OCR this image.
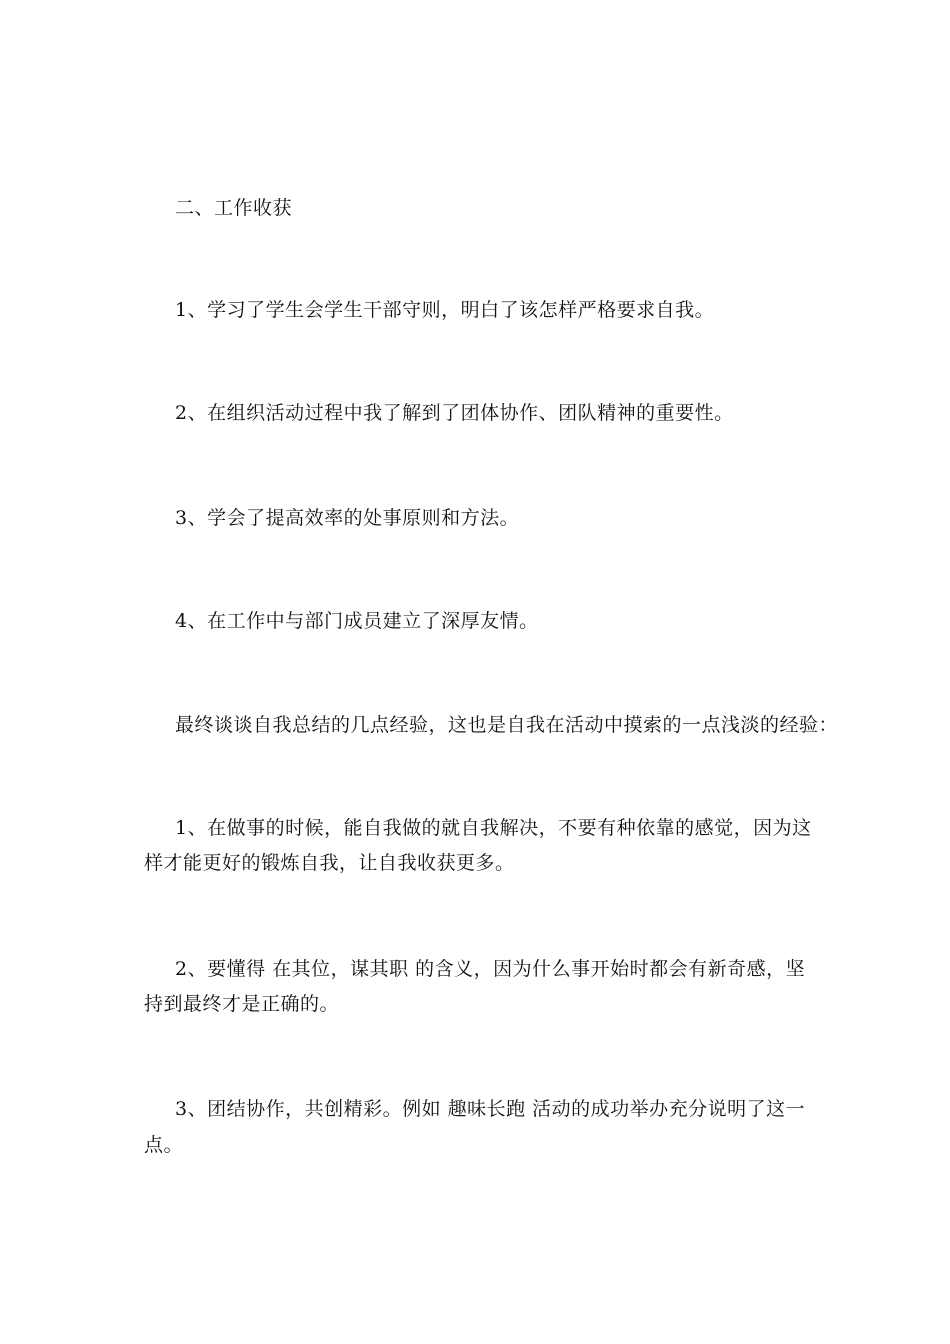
二、工作收获
1、学习了学生会学生干部守则，明白了该怎样严格要求自我。
2、在组织活动过程中我了解到了团体协作、团队精神的重要性。
3、学会了提高效率的处事原则和方法。
4、在工作中与部门成员建立了深厚友情。
最终谈谈自我总结的几点经验，这也是自我在活动中摸索的一点浅淡的经验：
1、在做事的时候，能自我做的就自我解决，不要有种依靠的感觉，因为这
样才能更好的锻炼自我，让自我收获更多。
2、要懂得 在其位，谋其职 的含义，因为什么事开始时都会有新奇感，坚
持到最终才是正确的。
3、团结协作，共创精彩。例如 趣味长跑 活动的成功举办充分说明了这一
点。
